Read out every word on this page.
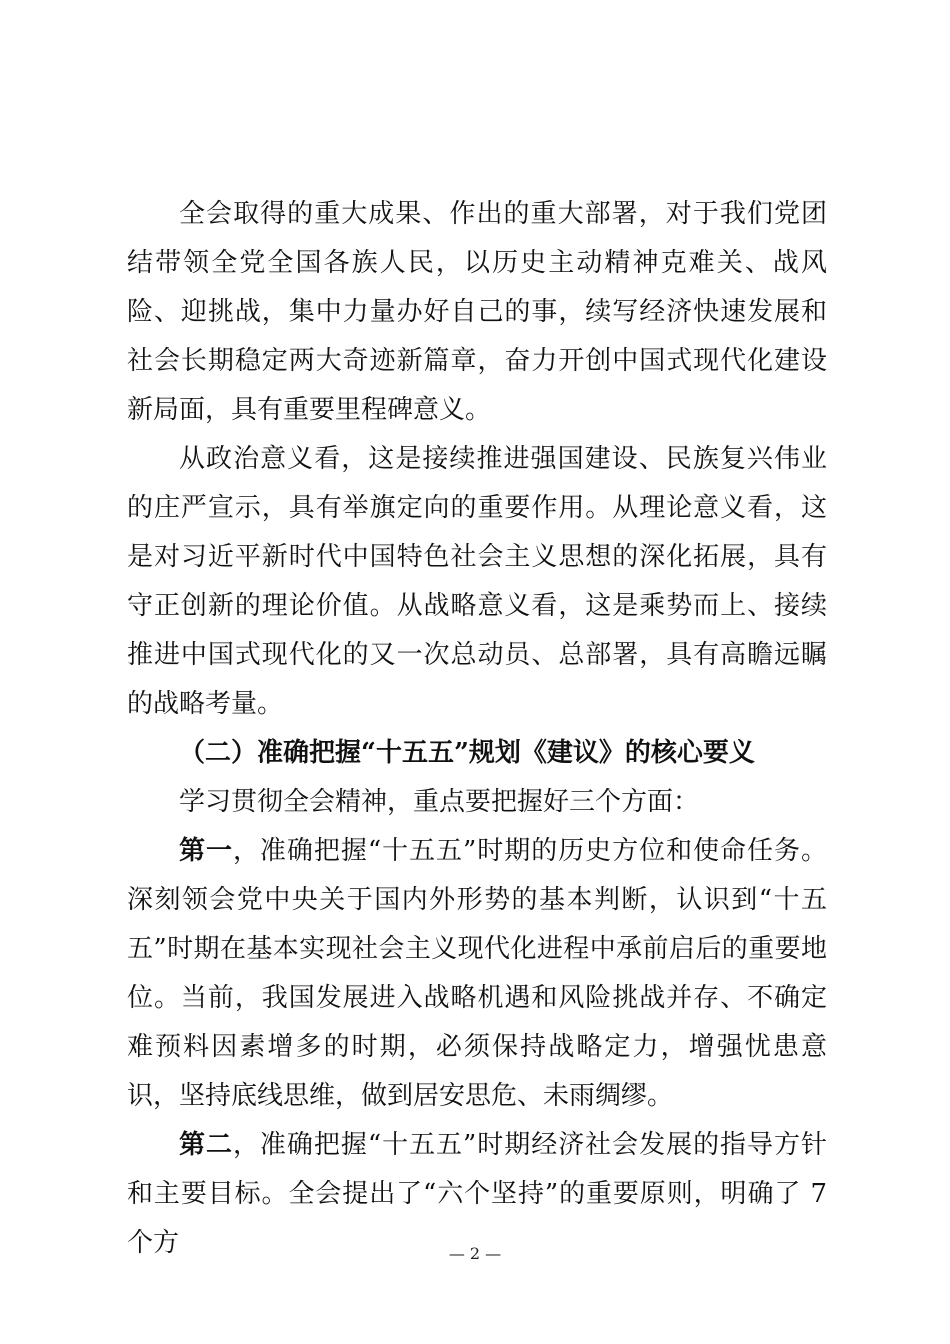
全会取得的重大成果、作出的重大部署，对于我们党团结带领全党全国各族人民，以历史主动精神克难关、战风险、迎挑战，集中力量办好自己的事，续写经济快速发展和社会长期稳定两大奇迹新篇章，奋力开创中国式现代化建设新局面，具有重要里程碑意义。

从政治意义看，这是接续推进强国建设、民族复兴伟业的庄严宣示，具有举旗定向的重要作用。从理论意义看，这是对习近平新时代中国特色社会主义思想的深化拓展，具有守正创新的理论价值。从战略意义看，这是乘势而上、接续推进中国式现代化的又一次总动员、总部署，具有高瞻远瞩的战略考量。

（二）准确把握“十五五”规划《建议》的核心要义

学习贯彻全会精神，重点要把握好三个方面：

第一，准确把握“十五五”时期的历史方位和使命任务。深刻领会党中央关于国内外形势的基本判断，认识到“十五五”时期在基本实现社会主义现代化进程中承前启后的重要地位。当前，我国发展进入战略机遇和风险挑战并存、不确定难预料因素增多的时期，必须保持战略定力，增强忧患意识，坚持底线思维，做到居安思危、未雨绸缪。

第二，准确把握“十五五”时期经济社会发展的指导方针和主要目标。全会提出了“六个坚持”的重要原则，明确了 7 个方	— 2 —
